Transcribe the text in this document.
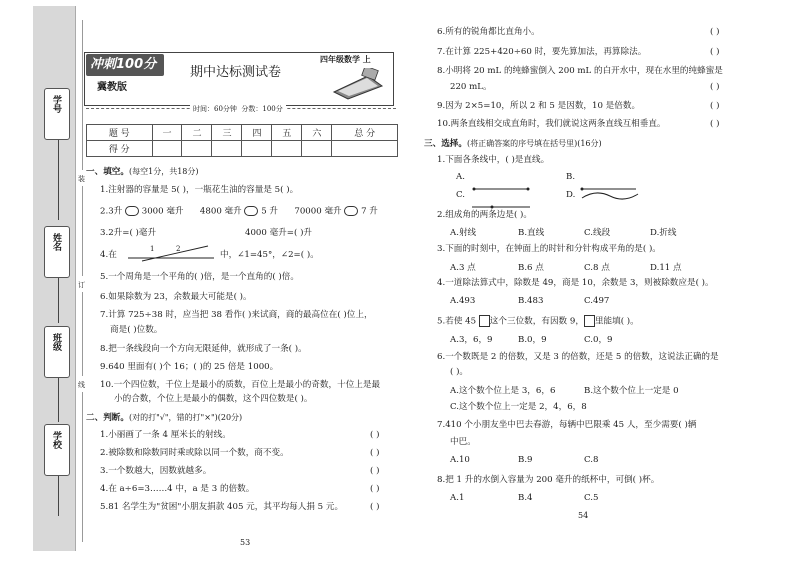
学号
姓名
班级
学校
装
订
线
冲刺100分
冀教版
期中达标测试卷
四年级数学 上
时间：60分钟 分数：100分
题 号	一	二	三	四	五	六	总 分
得 分							
一、填空。(每空1分，共18分)
1.注射器的容量是 5( )，一瓶花生油的容量是 5( )。
2.3升 3000 毫升 4800 毫升 5 升 70000 毫升 7 升
3.2升=( )毫升	4000 毫升=( )升
4.在
1	2
中，∠1=45°，∠2=( )。
5.一个周角是一个平角的( )倍，是一个直角的( )倍。
6.如果除数为 23，余数最大可能是( )。
7.计算 725÷38 时，应当把 38 看作( )来试商，商的最高位在( )位上，
商是( )位数。
8.把一条线段向一个方向无限延伸，就形成了一条( )。
9.640 里面有( )个 16；( )的 25 倍是 1000。
10.一个四位数，千位上是最小的质数，百位上是最小的奇数，十位上是最
小的合数，个位上是最小的偶数，这个四位数是( )。
二、判断。(对的打"√"，错的打"×")(20分)
1.小丽画了一条 4 厘米长的射线。	( )
2.被除数和除数同时乘或除以同一个数，商不变。	( )
3.一个数越大，因数就越多。	( )
4.在 a÷6=3……4 中，a 是 3 的倍数。	( )
5.81 名学生为"贫困"小朋友捐款 405 元，其平均每人捐 5 元。	( )
53
6.所有的锐角都比直角小。	( )
7.在计算 225+420÷60 时，要先算加法，再算除法。	( )
8.小明将 20 mL 的纯蜂蜜倒入 200 mL 的白开水中，现在水里的纯蜂蜜是
220 mL。	( )
9.因为 2×5=10，所以 2 和 5 是因数，10 是倍数。	( )
10.两条直线相交成直角时，我们就说这两条直线互相垂直。	( )
三、选择。(将正确答案的序号填在括号里)(16分)
1.下面各条线中，( )是直线。
A.	B.
C.	D.
2.组成角的两条边是( )。
A.射线	B.直线	C.线段	D.折线
3.下面的时刻中，在钟面上的时针和分针构成平角的是( )。
A.3 点	B.6 点	C.8 点	D.11 点
4.一道除法算式中，除数是 49，商是 10，余数是 3，则被除数应是( )。
A.493	B.483	C.497
5.若使 45 这个三位数，有因数 9， 里能填( )。
A.3，6，9	B.0，9	C.0，9
6.一个数既是 2 的倍数，又是 3 的倍数，还是 5 的倍数，这说法正确的是
( )。
A.这个数个位上是 3，6，6	B.这个数个位上一定是 0
C.这个数个位上一定是 2，4，6，8
7.410 个小朋友坐中巴去春游，每辆中巴限乘 45 人，至少需要( )辆
中巴。
A.10	B.9	C.8
8.把 1 升的水倒入容量为 200 毫升的纸杯中，可倒( )杯。
A.1	B.4	C.5
54
